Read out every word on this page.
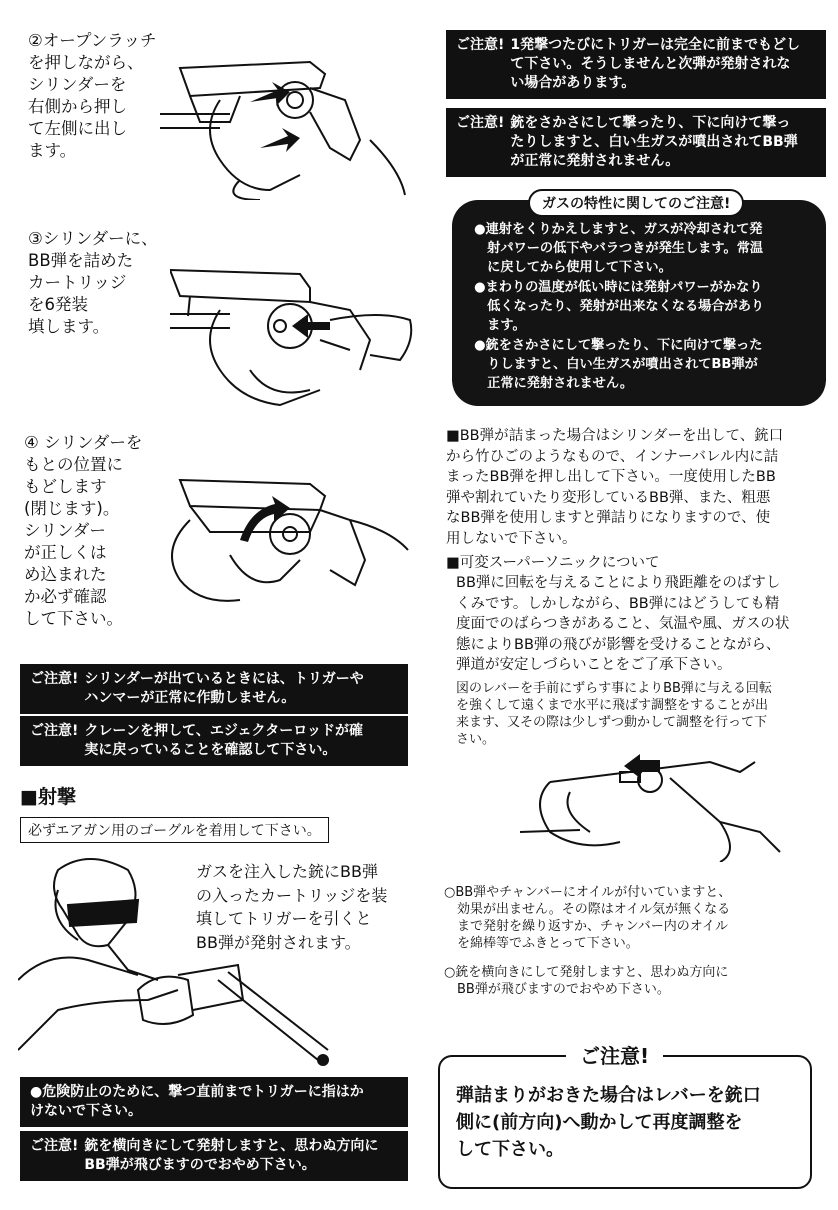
②オープンラッチ
を押しながら、
シリンダーを
右側から押し
て左側に出し
ます。
③シリンダーに、
BB弾を詰めた
カートリッジ
を6発装
填します。
④ シリンダーを
もとの位置に
もどします
(閉じます)。
シリンダー
が正しくは
め込まれた
か必ず確認
して下さい。
ご注意! シリンダーが出ているときには、トリガーや
ハンマーが正常に作動しません。
ご注意! クレーンを押して、エジェクターロッドが確
実に戻っていることを確認して下さい。
■射撃
必ずエアガン用のゴーグルを着用して下さい。
ガスを注入した銃にBB弾
の入ったカートリッジを装
填してトリガーを引くと
BB弾が発射されます。
●危険防止のために、撃つ直前までトリガーに指はか
けないで下さい。
ご注意! 銃を横向きにして発射しますと、思わぬ方向に
BB弾が飛びますのでおやめ下さい。
ご注意! 1発撃つたびにトリガーは完全に前までもどし
て下さい。そうしませんと次弾が発射されな
い場合があります。
ご注意! 銃をさかさにして撃ったり、下に向けて撃っ
たりしますと、白い生ガスが噴出されてBB弾
が正常に発射されません。
ガスの特性に関してのご注意!
●連射をくりかえしますと、ガスが冷却されて発
　射パワーの低下やバラつきが発生します。常温
　に戻してから使用して下さい。
●まわりの温度が低い時には発射パワーがかなり
　低くなったり、発射が出来なくなる場合があり
　ます。
●銃をさかさにして撃ったり、下に向けて撃った
　りしますと、白い生ガスが噴出されてBB弾が
　正常に発射されません。
■BB弾が詰まった場合はシリンダーを出して、銃口
から竹ひごのようなもので、インナーバレル内に詰
まったBB弾を押し出して下さい。一度使用したBB
弾や割れていたり変形しているBB弾、また、粗悪
なBB弾を使用しますと弾詰りになりますので、使
用しないで下さい。
■可変スーパーソニックについて
BB弾に回転を与えることにより飛距離をのばすし
くみです。しかしながら、BB弾にはどうしても精
度面でのばらつきがあること、気温や風、ガスの状
態によりBB弾の飛びが影響を受けることながら、
弾道が安定しづらいことをご了承下さい。
図のレバーを手前にずらす事によりBB弾に与える回転
を強くして遠くまで水平に飛ばす調整をすることが出
来ます、又その際は少しずつ動かして調整を行って下
さい。
○BB弾やチャンバーにオイルが付いていますと、
　効果が出ません。その際はオイル気が無くなる
　まで発射を繰り返すか、チャンバー内のオイル
　を綿棒等でふきとって下さい。
○銃を横向きにして発射しますと、思わぬ方向に
　BB弾が飛びますのでおやめ下さい。
ご注意!
弾詰まりがおきた場合はレバーを銃口
側に(前方向)へ動かして再度調整を
して下さい。
